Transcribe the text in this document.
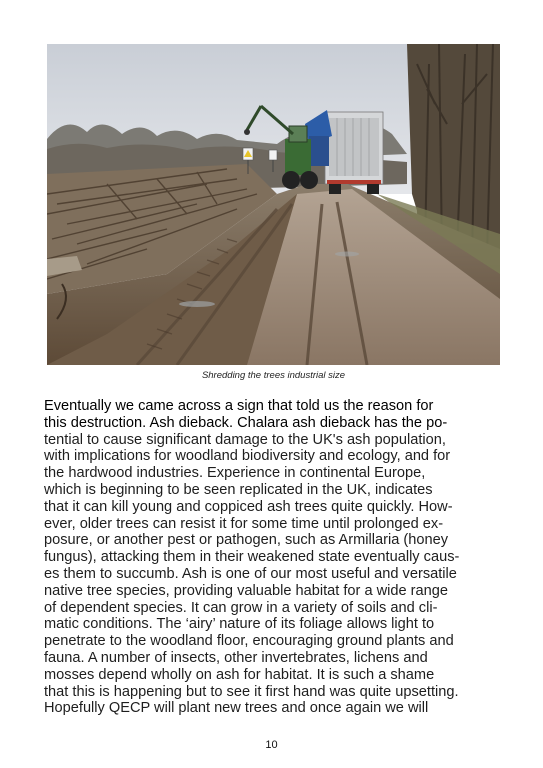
Shredding the trees industrial size
Eventually we came across a sign that told us the reason for
this destruction. Ash dieback. Chalara ash dieback has the po-
tential to cause significant damage to the UK's ash population,
with implications for woodland biodiversity and ecology, and for
the hardwood industries. Experience in continental Europe,
which is beginning to be seen replicated in the UK, indicates
that it can kill young and coppiced ash trees quite quickly. How-
ever, older trees can resist it for some time until prolonged ex-
posure, or another pest or pathogen, such as Armillaria (honey
fungus), attacking them in their weakened state eventually caus-
es them to succumb. Ash is one of our most useful and versatile
native tree species, providing valuable habitat for a wide range
of dependent species. It can grow in a variety of soils and cli-
matic conditions. The ‘airy’ nature of its foliage allows light to
penetrate to the woodland floor, encouraging ground plants and
fauna. A number of insects, other invertebrates, lichens and
mosses depend wholly on ash for habitat. It is such a shame
that this is happening but to see it first hand was quite upsetting.
Hopefully QECP will plant new trees and once again we will
10
